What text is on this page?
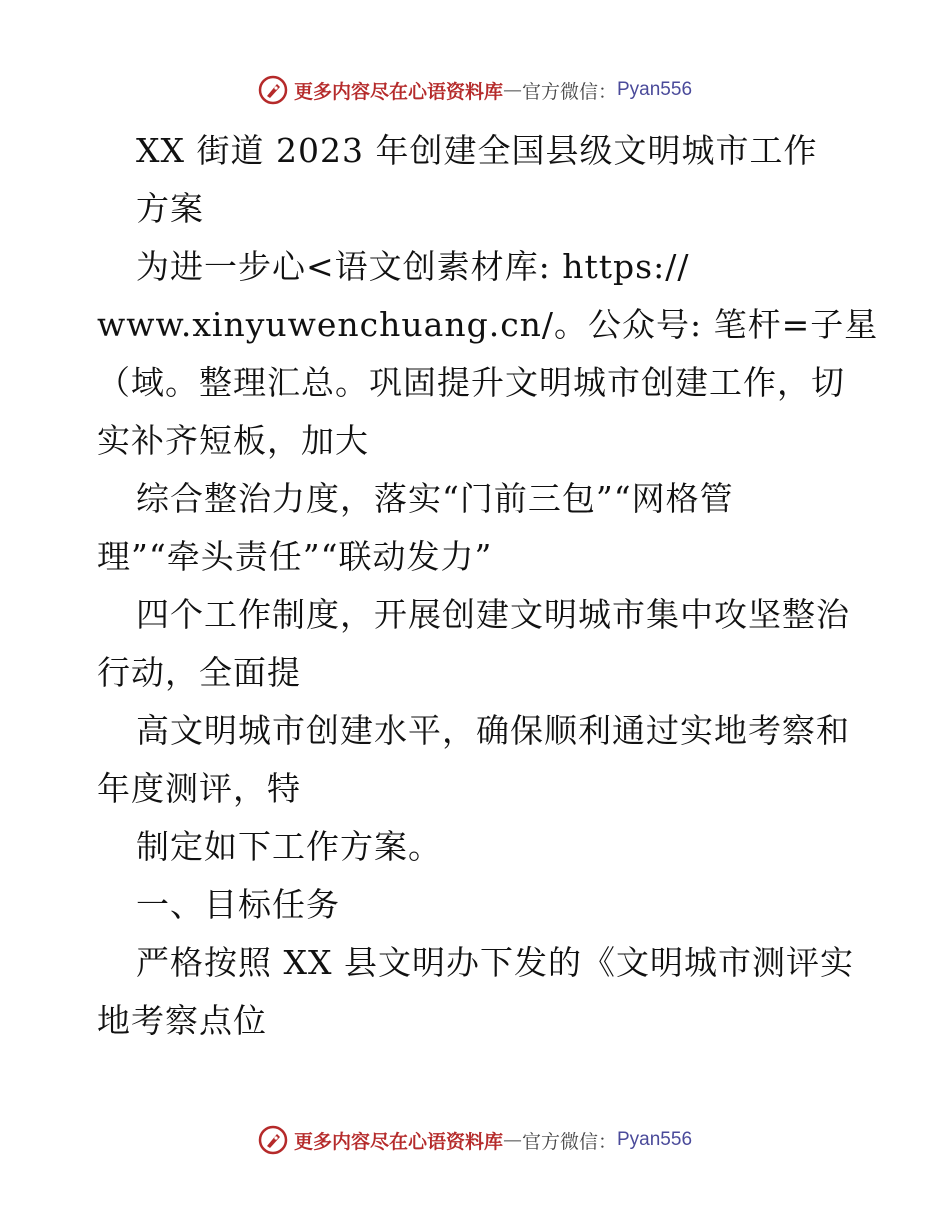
更多内容尽在心语资料库 — 官方微信： Pyan556
XX 街道 2023 年创建全国县级文明城市工作
方案
为进一步心<语文创素材库: https://
www.xinyuwenchuang.cn/。公众号: 笔杆=子星
（域。整理汇总。巩固提升文明城市创建工作，切
实补齐短板，加大
综合整治力度，落实“门前三包”“网格管
理”“牵头责任”“联动发力”
四个工作制度，开展创建文明城市集中攻坚整治
行动，全面提
高文明城市创建水平，确保顺利通过实地考察和
年度测评，特
制定如下工作方案。
一、目标任务
严格按照 XX 县文明办下发的《文明城市测评实
地考察点位
更多内容尽在心语资料库 — 官方微信： Pyan556
